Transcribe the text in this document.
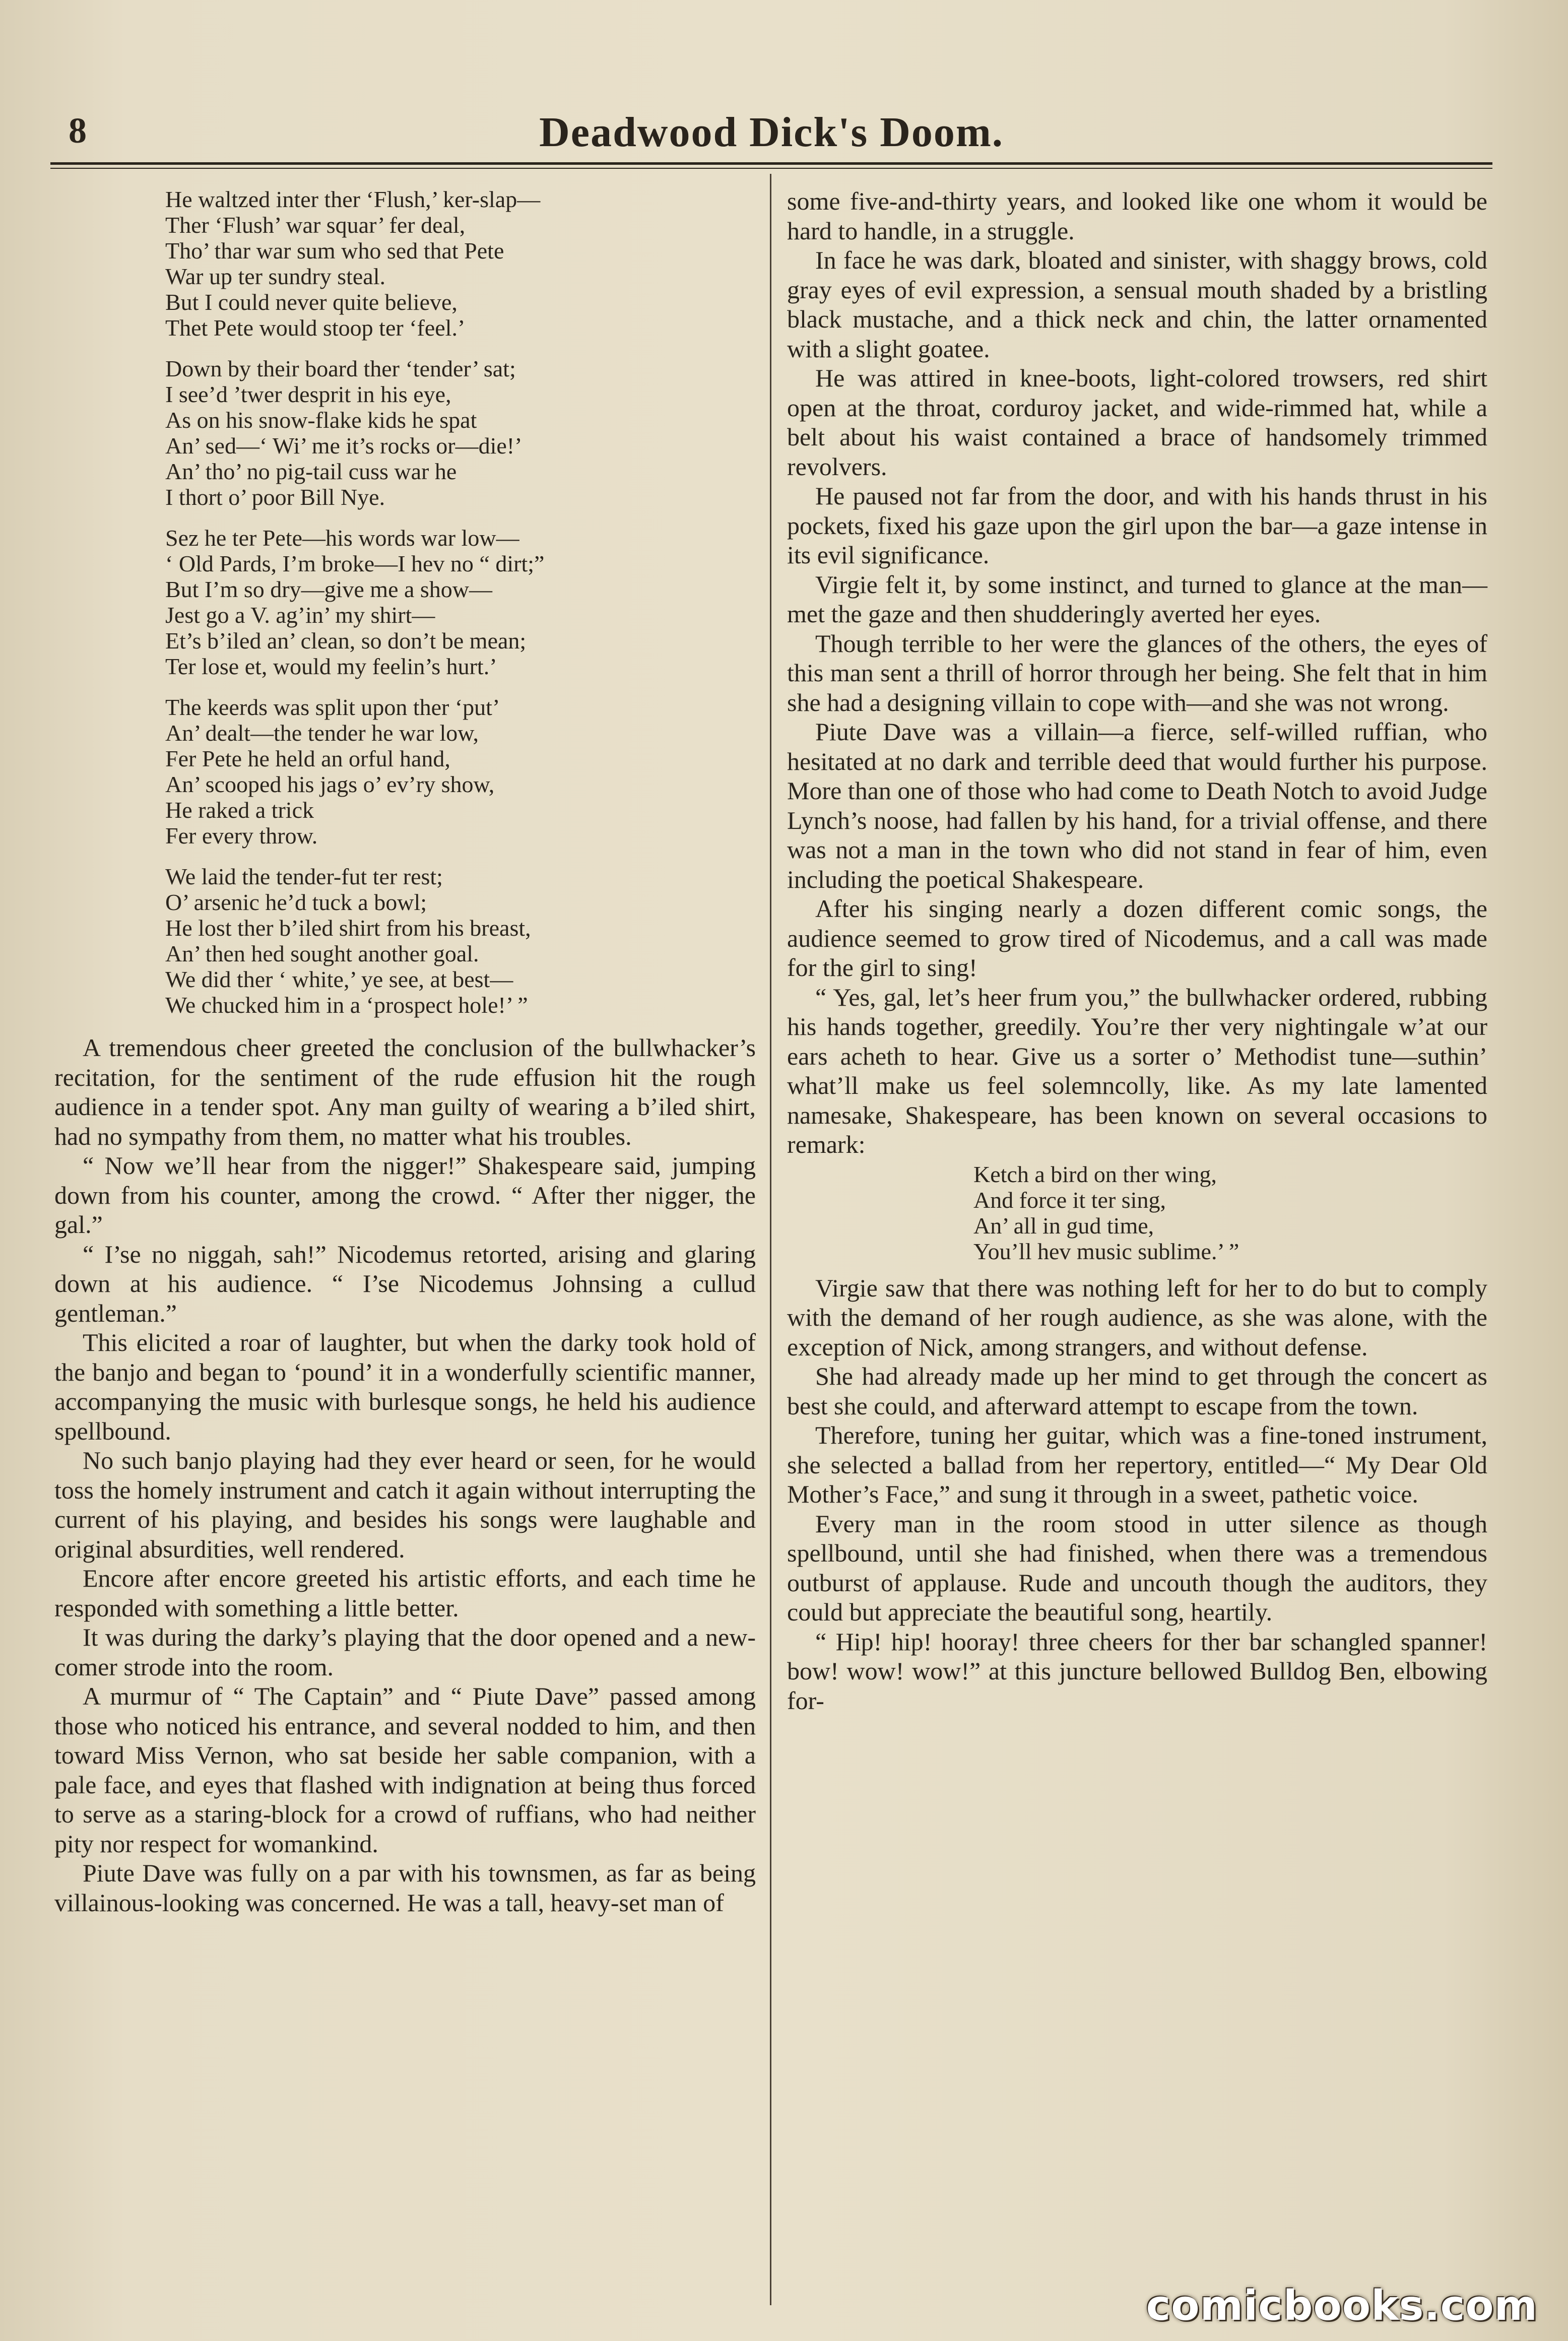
8	Deadwood Dick's Doom.
He waltzed inter ther ‘Flush,’ ker-slap—
Ther ‘Flush’ war squar’ fer deal,
Tho’ thar war sum who sed that Pete
War up ter sundry steal.
But I could never quite believe,
Thet Pete would stoop ter ‘feel.’
Down by their board ther ‘tender’ sat;
I see’d ’twer desprit in his eye,
As on his snow-flake kids he spat
An’ sed—‘ Wi’ me it’s rocks or—die!’
An’ tho’ no pig-tail cuss war he
I thort o’ poor Bill Nye.
Sez he ter Pete—his words war low—
‘ Old Pards, I’m broke—I hev no “ dirt;”
But I’m so dry—give me a show—
Jest go a V. ag’in’ my shirt—
Et’s b’iled an’ clean, so don’t be mean;
Ter lose et, would my feelin’s hurt.’
The keerds was split upon ther ‘put’
An’ dealt—the tender he war low,
Fer Pete he held an orful hand,
An’ scooped his jags o’ ev’ry show,
He raked a trick
Fer every throw.
We laid the tender-fut ter rest;
O’ arsenic he’d tuck a bowl;
He lost ther b’iled shirt from his breast,
An’ then hed sought another goal.
We did ther ‘ white,’ ye see, at best—
We chucked him in a ‘prospect hole!’ ”

A tremendous cheer greeted the conclusion of the bullwhacker’s recitation, for the sentiment of the rude effusion hit the rough audience in a tender spot. Any man guilty of wearing a b’iled shirt, had no sympathy from them, no matter what his troubles.

“ Now we’ll hear from the nigger!” Shakespeare said, jumping down from his counter, among the crowd. “ After ther nigger, the gal.”

“ I’se no niggah, sah!” Nicodemus retorted, arising and glaring down at his audience. “ I’se Nicodemus Johnsing a cullud gentleman.”

This elicited a roar of laughter, but when the darky took hold of the banjo and began to ‘pound’ it in a wonderfully scientific manner, accompanying the music with burlesque songs, he held his audience spellbound.

No such banjo playing had they ever heard or seen, for he would toss the homely instrument and catch it again without interrupting the current of his playing, and besides his songs were laughable and original absurdities, well rendered.

Encore after encore greeted his artistic efforts, and each time he responded with something a little better.

It was during the darky’s playing that the door opened and a new-comer strode into the room.

A murmur of “ The Captain” and “ Piute Dave” passed among those who noticed his entrance, and several nodded to him, and then toward Miss Vernon, who sat beside her sable companion, with a pale face, and eyes that flashed with indignation at being thus forced to serve as a staring-block for a crowd of ruffians, who had neither pity nor respect for womankind.

Piute Dave was fully on a par with his townsmen, as far as being villainous-looking was concerned. He was a tall, heavy-set man of

some five-and-thirty years, and looked like one whom it would be hard to handle, in a struggle.

In face he was dark, bloated and sinister, with shaggy brows, cold gray eyes of evil expression, a sensual mouth shaded by a bristling black mustache, and a thick neck and chin, the latter ornamented with a slight goatee.

He was attired in knee-boots, light-colored trowsers, red shirt open at the throat, corduroy jacket, and wide-rimmed hat, while a belt about his waist contained a brace of handsomely trimmed revolvers.

He paused not far from the door, and with his hands thrust in his pockets, fixed his gaze upon the girl upon the bar—a gaze intense in its evil significance.

Virgie felt it, by some instinct, and turned to glance at the man—met the gaze and then shudderingly averted her eyes.

Though terrible to her were the glances of the others, the eyes of this man sent a thrill of horror through her being. She felt that in him she had a designing villain to cope with—and she was not wrong.

Piute Dave was a villain—a fierce, self-willed ruffian, who hesitated at no dark and terrible deed that would further his purpose. More than one of those who had come to Death Notch to avoid Judge Lynch’s noose, had fallen by his hand, for a trivial offense, and there was not a man in the town who did not stand in fear of him, even including the poetical Shakespeare.

After his singing nearly a dozen different comic songs, the audience seemed to grow tired of Nicodemus, and a call was made for the girl to sing!

“ Yes, gal, let’s heer frum you,” the bullwhacker ordered, rubbing his hands together, greedily. You’re ther very nightingale w’at our ears acheth to hear. Give us a sorter o’ Methodist tune—suthin’ what’ll make us feel solemncolly, like. As my late lamented namesake, Shakespeare, has been known on several occasions to remark:

Ketch a bird on ther wing,
And force it ter sing,
An’ all in gud time,
You’ll hev music sublime.’ ”

Virgie saw that there was nothing left for her to do but to comply with the demand of her rough audience, as she was alone, with the exception of Nick, among strangers, and without defense.

She had already made up her mind to get through the concert as best she could, and afterward attempt to escape from the town.

Therefore, tuning her guitar, which was a fine-toned instrument, she selected a ballad from her repertory, entitled—“ My Dear Old Mother’s Face,” and sung it through in a sweet, pathetic voice.

Every man in the room stood in utter silence as though spellbound, until she had finished, when there was a tremendous outburst of applause. Rude and uncouth though the auditors, they could but appreciate the beautiful song, heartily.

“ Hip! hip! hooray! three cheers for ther bar schangled spanner! bow! wow! wow!” at this juncture bellowed Bulldog Ben, elbowing for-

comicbooks.com
